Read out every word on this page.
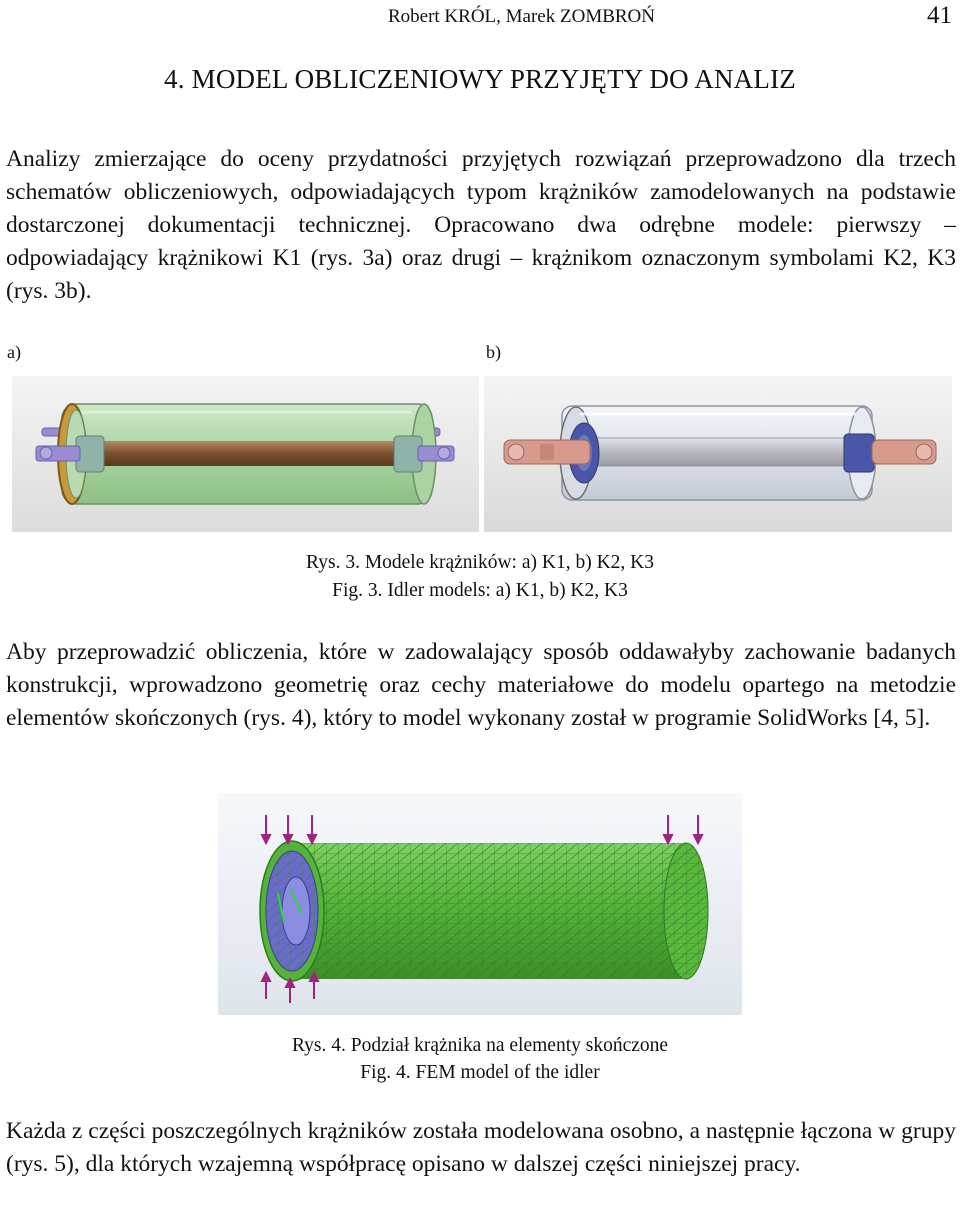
Robert KRÓL, Marek ZOMBROŃ	41
4. MODEL OBLICZENIOWY PRZYJĘTY DO ANALIZ

Analizy zmierzające do oceny przydatności przyjętych rozwiązań przeprowadzono dla trzech schematów obliczeniowych, odpowiadających typom krążników zamodelowanych na podstawie dostarczonej dokumentacji technicznej. Opracowano dwa odrębne modele: pierwszy – odpowiadający krążnikowi K1 (rys. 3a) oraz drugi – krążnikom oznaczonym symbolami K2, K3 (rys. 3b).

a)	b)
Rys. 3. Modele krążników: a) K1, b) K2, K3
Fig. 3. Idler models: a) K1, b) K2, K3

Aby przeprowadzić obliczenia, które w zadowalający sposób oddawałyby zachowanie badanych konstrukcji, wprowadzono geometrię oraz cechy materiałowe do modelu opartego na metodzie elementów skończonych (rys. 4), który to model wykonany został w programie SolidWorks [4, 5].

Rys. 4. Podział krążnika na elementy skończone
Fig. 4. FEM model of the idler

Każda z części poszczególnych krążników została modelowana osobno, a następnie łączona w grupy (rys. 5), dla których wzajemną współpracę opisano w dalszej części niniejszej pracy.
